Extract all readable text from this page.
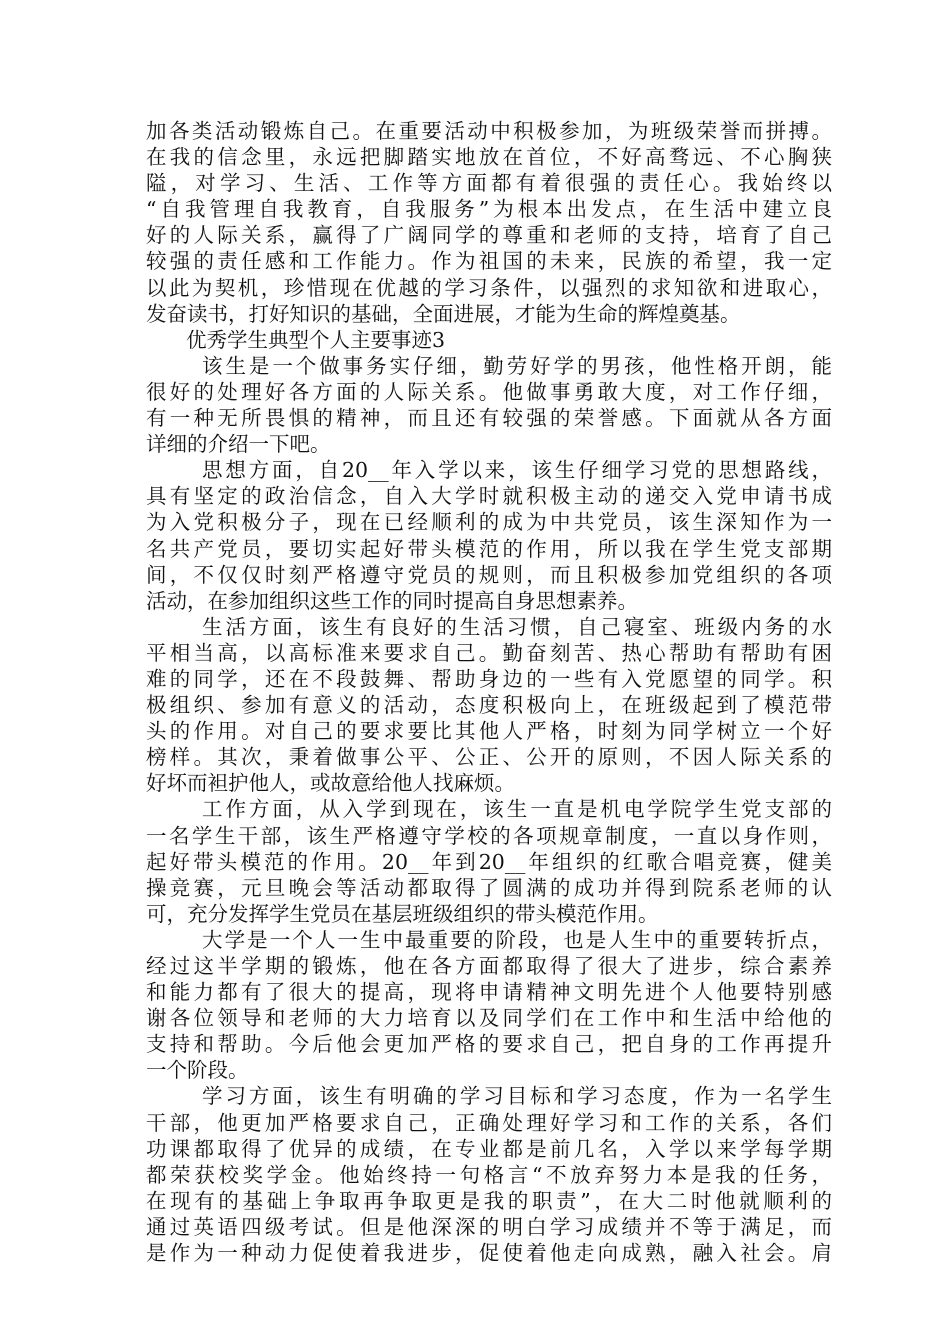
加各类活动锻炼自己。在重要活动中积极参加，为班级荣誉而拼搏。
在我的信念里，永远把脚踏实地放在首位，不好高骛远、不心胸狭
隘，对学习、生活、工作等方面都有着很强的责任心。我始终以
“自我管理自我教育，自我服务”为根本出发点，在生活中建立良
好的人际关系，赢得了广阔同学的尊重和老师的支持，培育了自己
较强的责任感和工作能力。作为祖国的未来，民族的希望，我一定
以此为契机，珍惜现在优越的学习条件，以强烈的求知欲和进取心，
发奋读书，打好知识的基础，全面进展，才能为生命的辉煌奠基。
优秀学生典型个人主要事迹3
该生是一个做事务实仔细，勤劳好学的男孩，他性格开朗，能
很好的处理好各方面的人际关系。他做事勇敢大度，对工作仔细，
有一种无所畏惧的精神，而且还有较强的荣誉感。下面就从各方面
详细的介绍一下吧。
思想方面，自20__年入学以来，该生仔细学习党的思想路线，
具有坚定的政治信念，自入大学时就积极主动的递交入党申请书成
为入党积极分子，现在已经顺利的成为中共党员，该生深知作为一
名共产党员，要切实起好带头模范的作用，所以我在学生党支部期
间，不仅仅时刻严格遵守党员的规则，而且积极参加党组织的各项
活动，在参加组织这些工作的同时提高自身思想素养。
生活方面，该生有良好的生活习惯，自己寝室、班级内务的水
平相当高，以高标准来要求自己。勤奋刻苦、热心帮助有帮助有困
难的同学，还在不段鼓舞、帮助身边的一些有入党愿望的同学。积
极组织、参加有意义的活动，态度积极向上，在班级起到了模范带
头的作用。对自己的要求要比其他人严格，时刻为同学树立一个好
榜样。其次，秉着做事公平、公正、公开的原则，不因人际关系的
好坏而袒护他人，或故意给他人找麻烦。
工作方面，从入学到现在，该生一直是机电学院学生党支部的
一名学生干部，该生严格遵守学校的各项规章制度，一直以身作则，
起好带头模范的作用。20__年到20__年组织的红歌合唱竞赛，健美
操竞赛，元旦晚会等活动都取得了圆满的成功并得到院系老师的认
可，充分发挥学生党员在基层班级组织的带头模范作用。
大学是一个人一生中最重要的阶段，也是人生中的重要转折点，
经过这半学期的锻炼，他在各方面都取得了很大了进步，综合素养
和能力都有了很大的提高，现将申请精神文明先进个人他要特别感
谢各位领导和老师的大力培育以及同学们在工作中和生活中给他的
支持和帮助。今后他会更加严格的要求自己，把自身的工作再提升
一个阶段。
学习方面，该生有明确的学习目标和学习态度，作为一名学生
干部，他更加严格要求自己，正确处理好学习和工作的关系，各们
功课都取得了优异的成绩，在专业都是前几名，入学以来学每学期
都荣获校奖学金。他始终持一句格言“不放弃努力本是我的任务，
在现有的基础上争取再争取更是我的职责”，在大二时他就顺利的
通过英语四级考试。但是他深深的明白学习成绩并不等于满足，而
是作为一种动力促使着我进步，促使着他走向成熟，融入社会。肩
